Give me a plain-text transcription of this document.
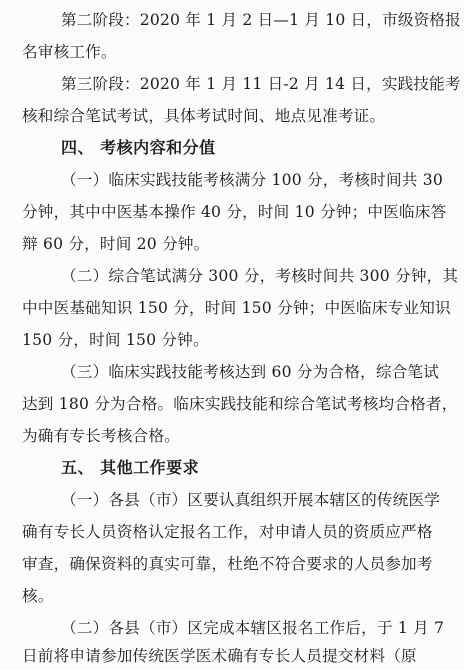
第二阶段：2020 年 1 月 2 日—1 月 10 日，市级资格报
名审核工作。
第三阶段：2020 年 1 月 11 日-2 月 14 日，实践技能考
核和综合笔试考试，具体考试时间、地点见准考证。
四、 考核内容和分值
（一）临床实践技能考核满分 100 分，考核时间共 30
分钟，其中中医基本操作 40 分，时间 10 分钟；中医临床答
辩 60 分，时间 20 分钟。
（二）综合笔试满分 300 分，考核时间共 300 分钟，其
中中医基础知识 150 分，时间 150 分钟；中医临床专业知识
150 分，时间 150 分钟。
（三）临床实践技能考核达到 60 分为合格，综合笔试
达到 180 分为合格。临床实践技能和综合笔试考核均合格者，
为确有专长考核合格。
五、 其他工作要求
（一）各县（市）区要认真组织开展本辖区的传统医学
确有专长人员资格认定报名工作，对申请人员的资质应严格
审查，确保资料的真实可靠，杜绝不符合要求的人员参加考
核。
（二）各县（市）区完成本辖区报名工作后，于 1 月 7
日前将申请参加传统医学医术确有专长人员提交材料（原
